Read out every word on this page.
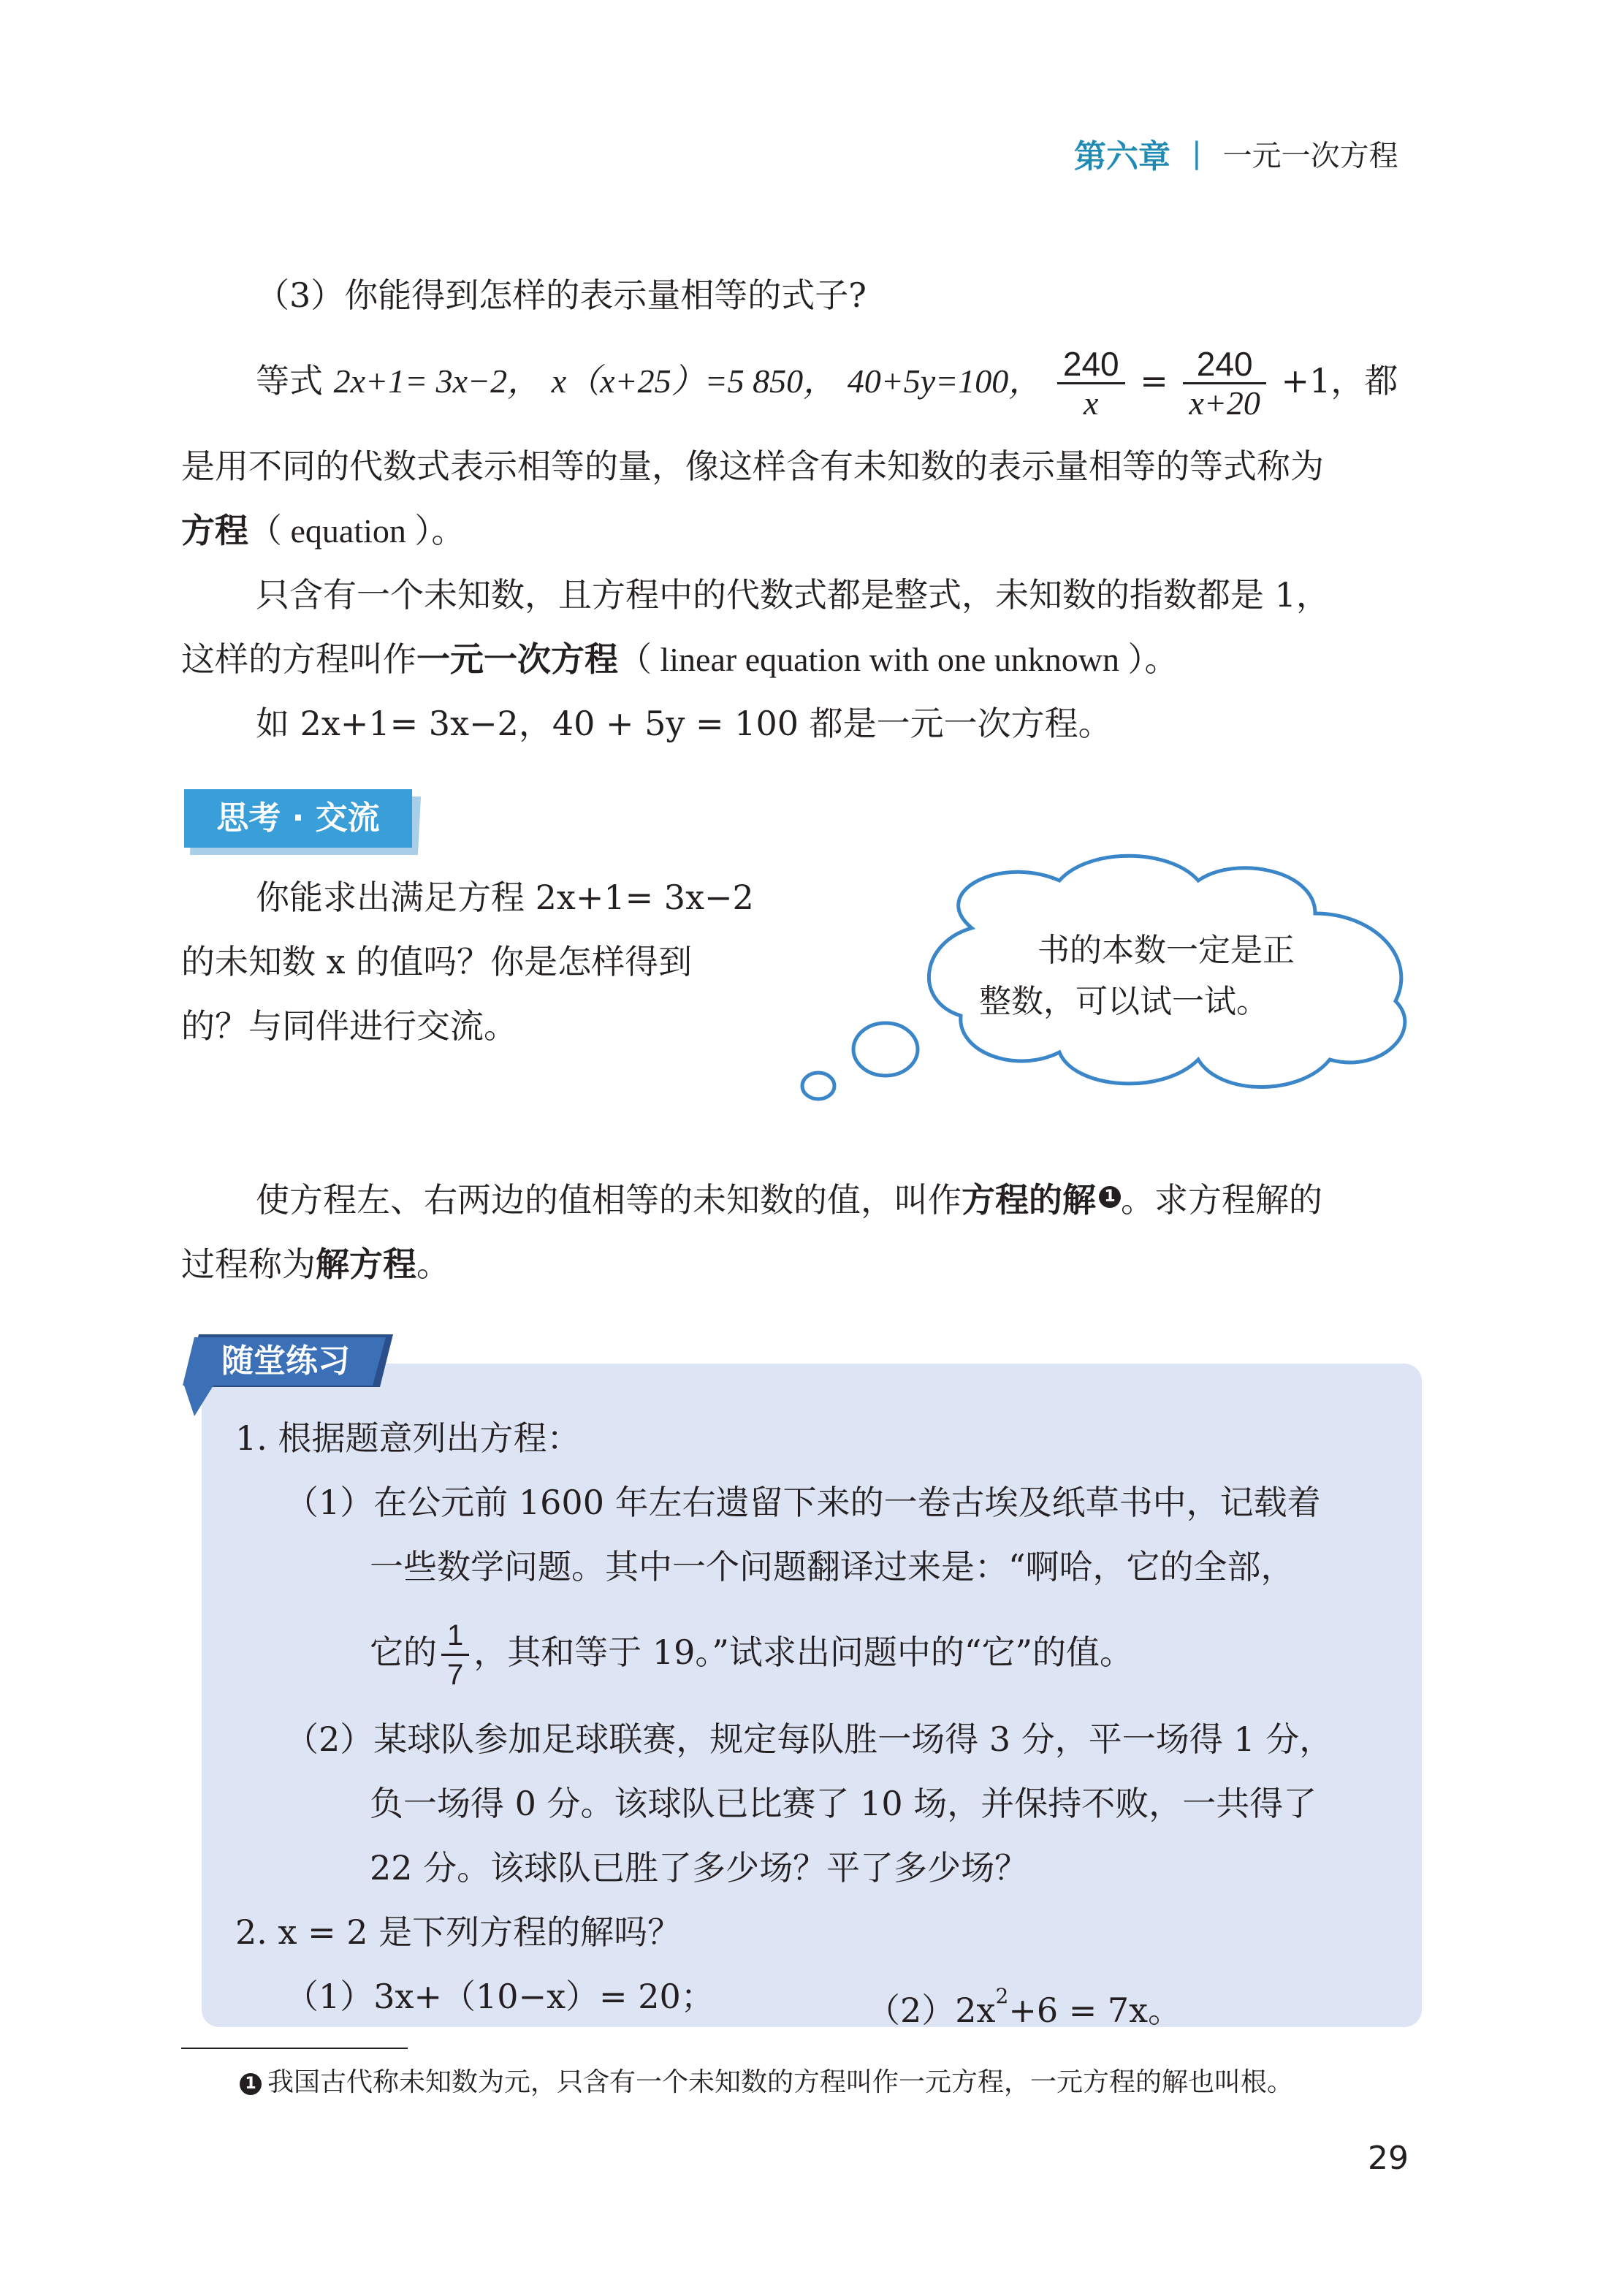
第六章 | 一元一次方程
（3）你能得到怎样的表示量相等的式子?
等式 2x+1= 3x−2， x（x+25）=5 850， 40+5y=100， $\frac{240}{x} = \frac{240}{x+20} +1$，都
是用不同的代数式表示相等的量，像这样含有未知数的表示量相等的等式称为
方程（ equation ）。
只含有一个未知数，且方程中的代数式都是整式，未知数的指数都是 1，
这样的方程叫作一元一次方程（ linear equation with one unknown ）。
如 2x+1= 3x−2，40 + 5y = 100 都是一元一次方程。
思考 · 交流
你能求出满足方程 2x+1= 3x−2
的未知数 x 的值吗？你是怎样得到
的？与同伴进行交流。
书的本数一定是正
整数，可以试一试。
使方程左、右两边的值相等的未知数的值，叫作方程的解 1 。求方程解的
过程称为解方程。
随堂练习
1. 根据题意列出方程：
（1）在公元前 1600 年左右遗留下来的一卷古埃及纸草书中，记载着
一些数学问题。其中一个问题翻译过来是：“啊哈，它的全部，
它的 $\frac{1}{7}$ ，其和等于 19。”试求出问题中的“它”的值。
（2）某球队参加足球联赛，规定每队胜一场得 3 分，平一场得 1 分，
负一场得 0 分。该球队已比赛了 10 场，并保持不败，一共得了
22 分。该球队已胜了多少场？平了多少场？
2. x = 2 是下列方程的解吗？
（1）3x+（10−x）= 20；	$(2)2x^2+6 = 7x$。
1 我国古代称未知数为元，只含有一个未知数的方程叫作一元方程，一元方程的解也叫根。
29
